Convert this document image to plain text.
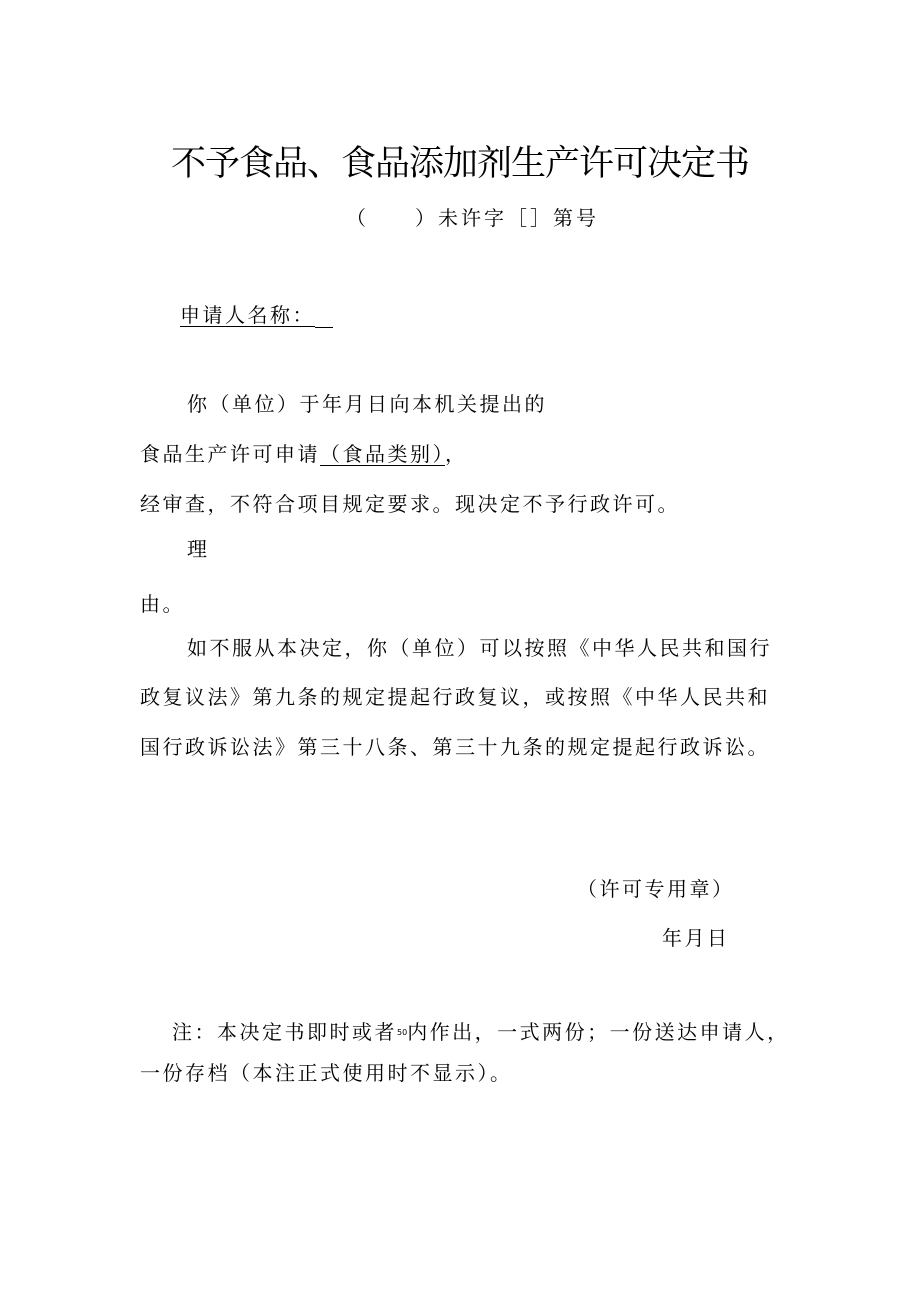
不予食品、食品添加剂生产许可决定书
（　　）未许字［］第号
申请人名称：
你（单位）于年月日向本机关提出的
食品生产许可申请（食品类别），
经审查，不符合项目规定要求。现决定不予行政许可。
理
由。
如不服从本决定，你（单位）可以按照《中华人民共和国行
政复议法》第九条的规定提起行政复议，或按照《中华人民共和
国行政诉讼法》第三十八条、第三十九条的规定提起行政诉讼。
（许可专用章）
年月日
注：本决定书即时或者50内作出，一式两份；一份送达申请人，
一份存档（本注正式使用时不显示）。
